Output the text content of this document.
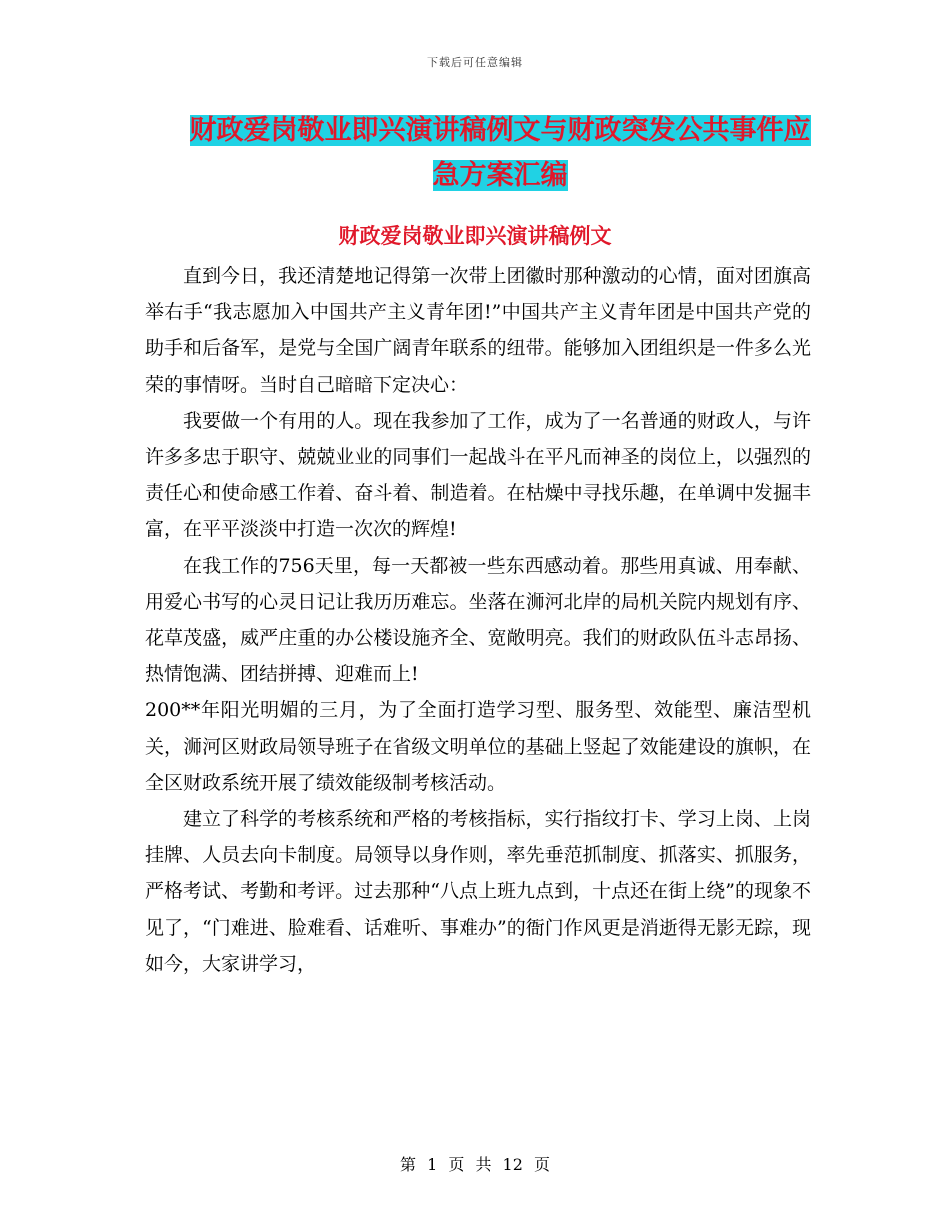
下载后可任意编辑
财政爱岗敬业即兴演讲稿例文与财政突发公共事件应
急方案汇编
财政爱岗敬业即兴演讲稿例文

直到今日，我还清楚地记得第一次带上团徽时那种激动的心情，面对团旗高举右手“我志愿加入中国共产主义青年团!”中国共产主义青年团是中国共产党的助手和后备军，是党与全国广阔青年联系的纽带。能够加入团组织是一件多么光荣的事情呀。当时自己暗暗下定决心：

我要做一个有用的人。现在我参加了工作，成为了一名普通的财政人，与许许多多忠于职守、兢兢业业的同事们一起战斗在平凡而神圣的岗位上，以强烈的责任心和使命感工作着、奋斗着、制造着。在枯燥中寻找乐趣，在单调中发掘丰富，在平平淡淡中打造一次次的辉煌!

在我工作的756天里，每一天都被一些东西感动着。那些用真诚、用奉献、用爱心书写的心灵日记让我历历难忘。坐落在浉河北岸的局机关院内规划有序、花草茂盛，威严庄重的办公楼设施齐全、宽敞明亮。我们的财政队伍斗志昂扬、热情饱满、团结拼搏、迎难而上!

200**年阳光明媚的三月，为了全面打造学习型、服务型、效能型、廉洁型机关，浉河区财政局领导班子在省级文明单位的基础上竖起了效能建设的旗帜，在全区财政系统开展了绩效能级制考核活动。

建立了科学的考核系统和严格的考核指标，实行指纹打卡、学习上岗、上岗挂牌、人员去向卡制度。局领导以身作则，率先垂范抓制度、抓落实、抓服务，严格考试、考勤和考评。过去那种“八点上班九点到，十点还在街上绕”的现象不见了，“门难进、脸难看、话难听、事难办”的衙门作风更是消逝得无影无踪，现如今，大家讲学习，

第 1 页 共 12 页
